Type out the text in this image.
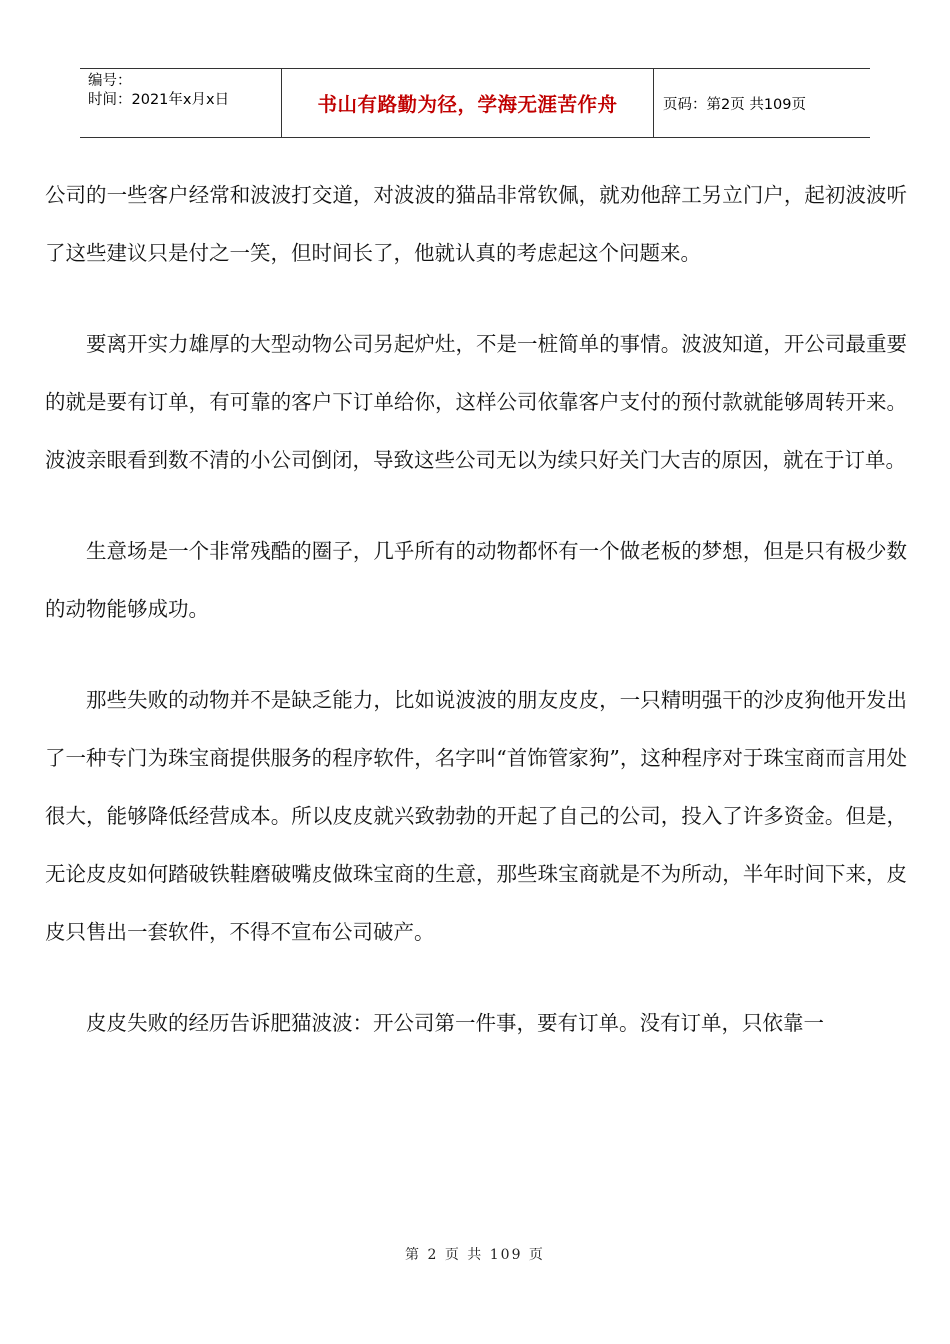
编号：
时间：2021年x月x日	书山有路勤为径，学海无涯苦作舟	页码：第2页 共109页

公司的一些客户经常和波波打交道，对波波的猫品非常钦佩，就劝他辞工另立门户，起初波波听了这些建议只是付之一笑，但时间长了，他就认真的考虑起这个问题来。

要离开实力雄厚的大型动物公司另起炉灶，不是一桩简单的事情。波波知道，开公司最重要的就是要有订单，有可靠的客户下订单给你，这样公司依靠客户支付的预付款就能够周转开来。波波亲眼看到数不清的小公司倒闭，导致这些公司无以为续只好关门大吉的原因，就在于订单。

生意场是一个非常残酷的圈子，几乎所有的动物都怀有一个做老板的梦想，但是只有极少数的动物能够成功。

那些失败的动物并不是缺乏能力，比如说波波的朋友皮皮，一只精明强干的沙皮狗他开发出了一种专门为珠宝商提供服务的程序软件，名字叫“首饰管家狗”，这种程序对于珠宝商而言用处很大，能够降低经营成本。所以皮皮就兴致勃勃的开起了自己的公司，投入了许多资金。但是，无论皮皮如何踏破铁鞋磨破嘴皮做珠宝商的生意，那些珠宝商就是不为所动，半年时间下来，皮皮只售出一套软件，不得不宣布公司破产。

皮皮失败的经历告诉肥猫波波：开公司第一件事，要有订单。没有订单，只依靠一

第 2 页 共 109 页
